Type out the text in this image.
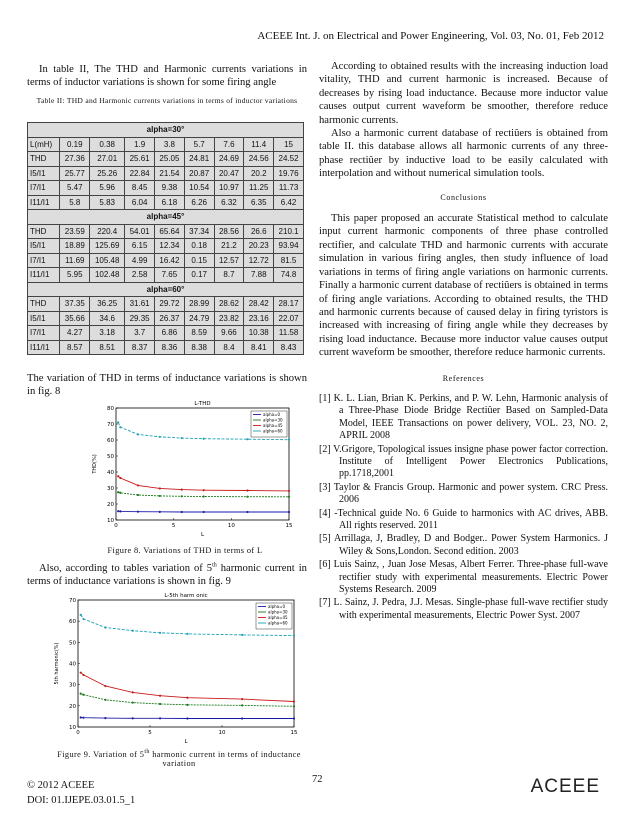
ACEEE Int. J. on Electrical and Power Engineering, Vol. 03, No. 01, Feb 2012

In table II, The THD and Harmonic currents variations in terms of inductor variations is shown for some firing angle

Table II: THD and Harmonic currents variations in terms of inductor variations
alpha=30°								
L(mH)	0.19	0.38	1.9	3.8	5.7	7.6	11.4	15
THD	27.36	27.01	25.61	25.05	24.81	24.69	24.56	24.52
I5/I1	25.77	25.26	22.84	21.54	20.87	20.47	20.2	19.76
I7/I1	5.47	5.96	8.45	9.38	10.54	10.97	11.25	11.73
I11/I1	5.8	5.83	6.04	6.18	6.26	6.32	6.35	6.42
alpha=45°								
THD	23.59	220.4	54.01	65.64	37.34	28.56	26.6	210.1
I5/I1	18.89	125.69	6.15	12.34	0.18	21.2	20.23	93.94
I7/I1	11.69	105.48	4.99	16.42	0.15	12.57	12.72	81.5
I11/I1	5.95	102.48	2.58	7.65	0.17	8.7	7.88	74.8
alpha=60°								
THD	37.35	36.25	31.61	29.72	28.99	28.62	28.42	28.17
I5/I1	35.66	34.6	29.35	26.37	24.79	23.82	23.16	22.07
I7/I1	4.27	3.18	3.7	6.86	8.59	9.66	10.38	11.58
I11/I1	8.57	8.51	8.37	8.36	8.38	8.4	8.41	8.43

The variation of THD in terms of inductance variations is shown in fig. 8

L-THD
0	5	10	15
10
20
30
40
50
60
70
80
L
THD(%)
alpha=0
alpha=30
alpha=45
alpha=60
Figure 8. Variations of THD in terms of L

Also, according to tables variation of 5th harmonic current in terms of inductance variations is shown in fig. 9

L-5th harm onic
0	5	10	15
10
20
30
40
50
60
70
L
5th harmonic(%)
alpha=0
alpha=30
alpha=45
alpha=60
Figure 9. Variation of 5th harmonic current in terms of inductance variation

According to obtained results with the increasing induction load vitality, THD and current harmonic is increased. Because of decreases by rising load inductance. Because more inductor value causes output current waveform be smoother, therefore reduce harmonic currents.

Also a harmonic current database of rectiûers is obtained from table II. this database allows all harmonic currents of any three-phase rectiûer by inductive load to be easily calculated with interpolation and without numerical simulation tools.

Conclusions

This paper proposed an accurate Statistical method to calculate input current harmonic components of three phase controlled rectifier, and calculate THD and harmonic currents with accurate simulation in various firing angles, then study influence of load variations in terms of firing angle variations on harmonic currents. Finally a harmonic current database of rectiûers is obtained in terms of firing angle variations. According to obtained results, the THD and harmonic currents because of caused delay in firing tyristors is increased with increasing of firing angle while they decreases by rising load inductance. Because more inductor value causes output current waveform be smoother, therefore reduce harmonic currents.

References

[1] K. L. Lian, Brian K. Perkins, and P. W. Lehn, Harmonic analysis of a Three-Phase Diode Bridge Rectiûer Based on Sampled-Data Model, IEEE Transactions on power delivery, VOL. 23, NO. 2, APRIL 2008

[2] V.Grigore, Topological issues insigne phase power factor correction. Institute of Intelligent Power Electronics Publications, pp.1718,2001

[3] Taylor & Francis Group. Harmonic and power system. CRC Press. 2006

[4] -Technical guide No. 6 Guide to harmonics with AC drives, ABB. All rights reserved. 2011

[5] Arrillaga, J, Bradley, D and Bodger.. Power System Harmonics. J Wiley & Sons,London. Second edition. 2003

[6] Luis Sainz, , Juan Jose Mesas, Albert Ferrer. Three-phase full-wave rectifier study with experimental measurements. Electric Power Systems Research. 2009

[7] L. Sainz, J. Pedra, J.J. Mesas. Single-phase full-wave rectifier study with experimental measurements, Electric Power Syst. 2007

© 2012 ACEEE
DOI: 01.IJEPE.03.01.5_1
72	ACEEE
